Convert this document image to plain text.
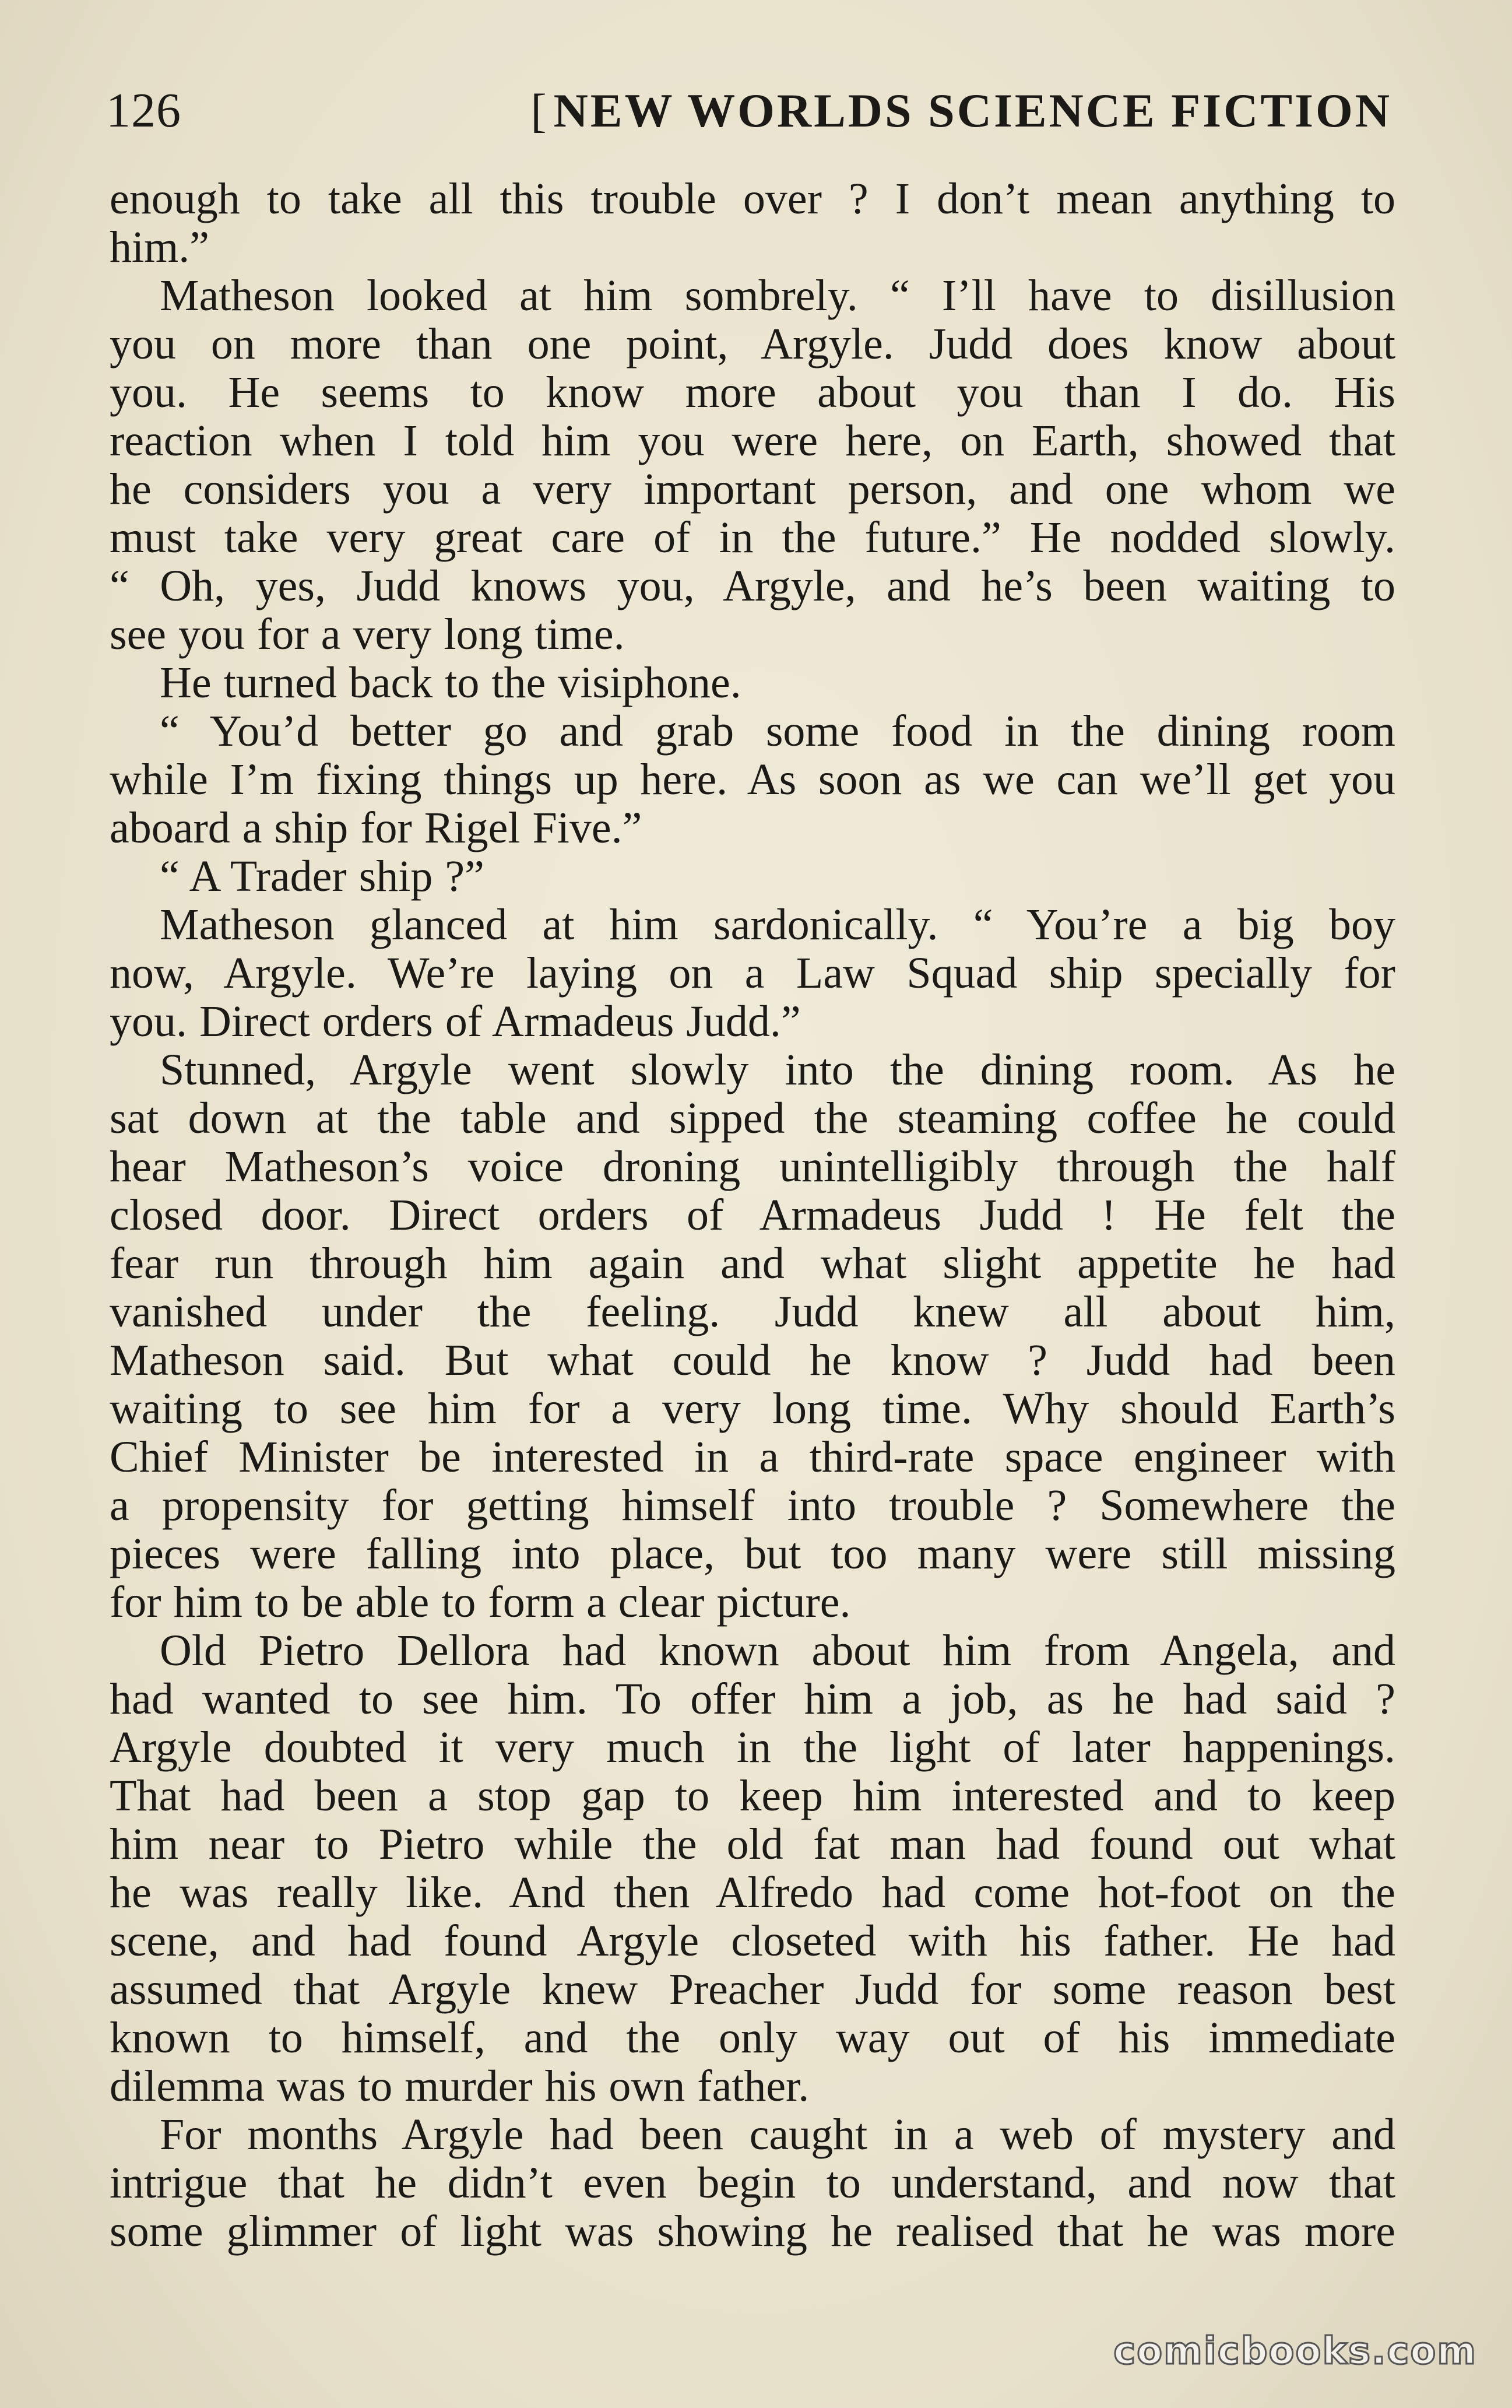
126	[NEW WORLDS SCIENCE FICTION
enough to take all this trouble over ? I don’t mean anything to
him.”
Matheson looked at him sombrely. “ I’ll have to disillusion
you on more than one point, Argyle. Judd does know about
you. He seems to know more about you than I do. His
reaction when I told him you were here, on Earth, showed that
he considers you a very important person, and one whom we
must take very great care of in the future.” He nodded slowly.
“ Oh, yes, Judd knows you, Argyle, and he’s been waiting to
see you for a very long time.
He turned back to the visiphone.
“ You’d better go and grab some food in the dining room
while I’m fixing things up here. As soon as we can we’ll get you
aboard a ship for Rigel Five.”
“ A Trader ship ?”
Matheson glanced at him sardonically. “ You’re a big boy
now, Argyle. We’re laying on a Law Squad ship specially for
you. Direct orders of Armadeus Judd.”
Stunned, Argyle went slowly into the dining room. As he
sat down at the table and sipped the steaming coffee he could
hear Matheson’s voice droning unintelligibly through the half
closed door. Direct orders of Armadeus Judd ! He felt the
fear run through him again and what slight appetite he had
vanished under the feeling. Judd knew all about him,
Matheson said. But what could he know ? Judd had been
waiting to see him for a very long time. Why should Earth’s
Chief Minister be interested in a third-rate space engineer with
a propensity for getting himself into trouble ? Somewhere the
pieces were falling into place, but too many were still missing
for him to be able to form a clear picture.
Old Pietro Dellora had known about him from Angela, and
had wanted to see him. To offer him a job, as he had said ?
Argyle doubted it very much in the light of later happenings.
That had been a stop gap to keep him interested and to keep
him near to Pietro while the old fat man had found out what
he was really like. And then Alfredo had come hot-foot on the
scene, and had found Argyle closeted with his father. He had
assumed that Argyle knew Preacher Judd for some reason best
known to himself, and the only way out of his immediate
dilemma was to murder his own father.
For months Argyle had been caught in a web of mystery and
intrigue that he didn’t even begin to understand, and now that
some glimmer of light was showing he realised that he was more
comicbooks.com
